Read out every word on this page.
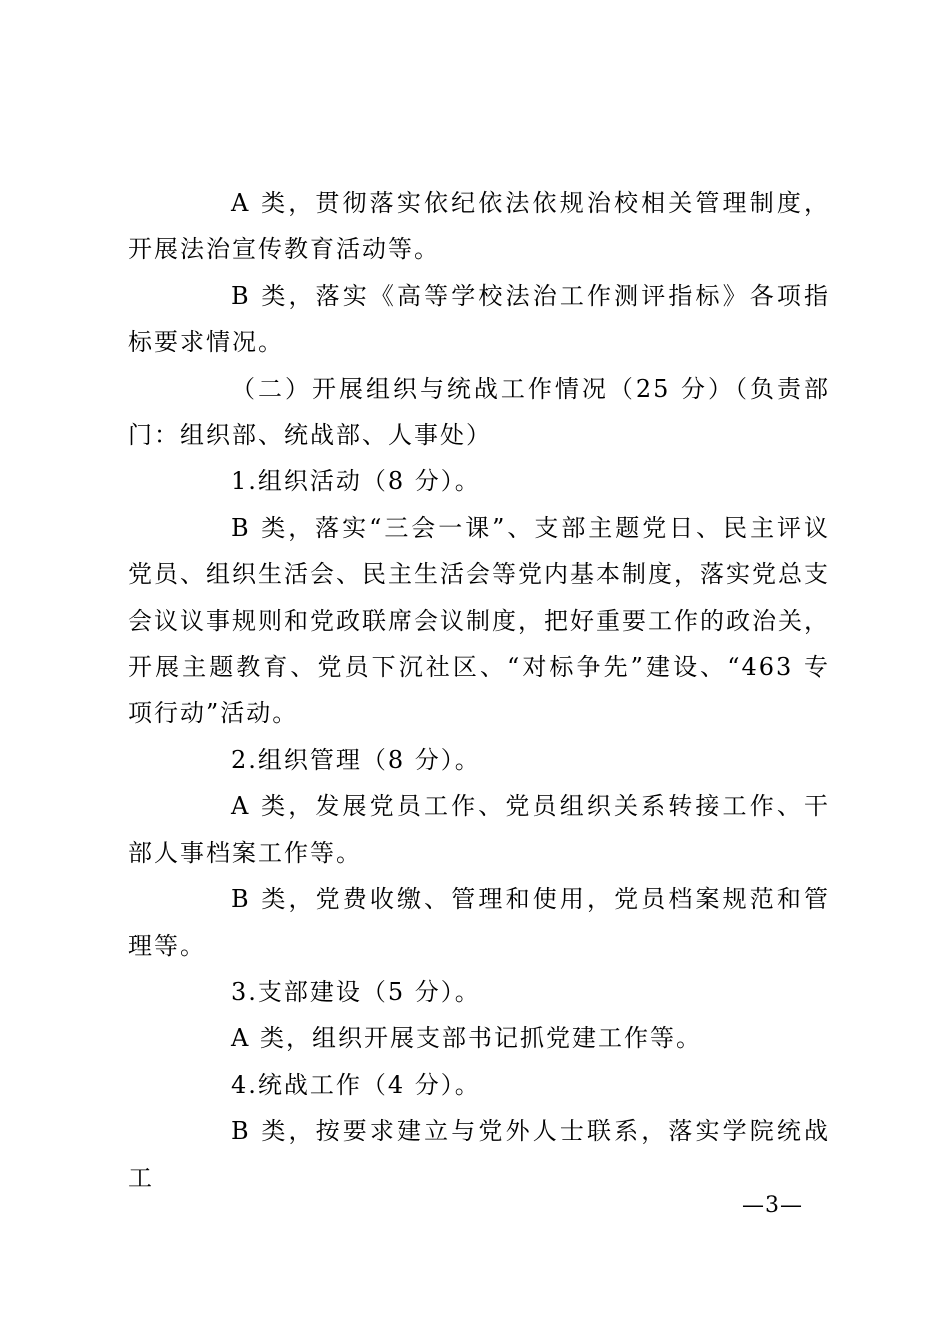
A 类，贯彻落实依纪依法依规治校相关管理制度，开展法治宣传教育活动等。

B 类，落实《高等学校法治工作测评指标》各项指标要求情况。

（二）开展组织与统战工作情况（25 分）（负责部门：组织部、统战部、人事处）

1.组织活动（8 分）。

B 类，落实“三会一课”、支部主题党日、民主评议党员、组织生活会、民主生活会等党内基本制度，落实党总支会议议事规则和党政联席会议制度，把好重要工作的政治关，开展主题教育、党员下沉社区、“对标争先”建设、“463 专项行动”活动。

2.组织管理（8 分）。

A 类，发展党员工作、党员组织关系转接工作、干部人事档案工作等。

B 类，党费收缴、管理和使用，党员档案规范和管理等。

3.支部建设（5 分）。

A 类，组织开展支部书记抓党建工作等。

4.统战工作（4 分）。

B 类，按要求建立与党外人士联系，落实学院统战工

—3—
